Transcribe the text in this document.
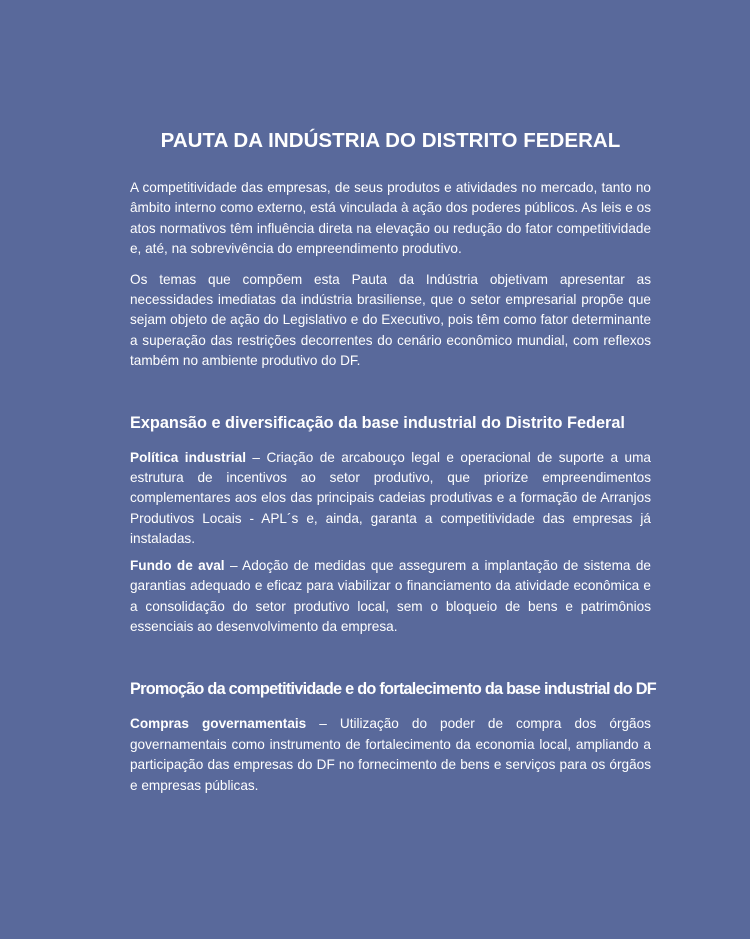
PAUTA DA INDÚSTRIA DO DISTRITO FEDERAL

A competitividade das empresas, de seus produtos e atividades no mercado, tanto no âmbito interno como externo, está vinculada à ação dos poderes públicos. As leis e os atos normativos têm influência direta na elevação ou redução do fator competitividade e, até, na sobrevivência do empreendimento produtivo.

Os temas que compõem esta Pauta da Indústria objetivam apresentar as necessidades imediatas da indústria brasiliense, que o setor empresarial propõe que sejam objeto de ação do Legislativo e do Executivo, pois têm como fator determinante a superação das restrições decorrentes do cenário econômico mundial, com reflexos também no ambiente produtivo do DF.

Expansão e diversificação da base industrial do Distrito Federal

Política industrial – Criação de arcabouço legal e operacional de suporte a uma estrutura de incentivos ao setor produtivo, que priorize empreendimentos complementares aos elos das principais cadeias produtivas e a formação de Arranjos Produtivos Locais - APL´s e, ainda, garanta a competitividade das empresas já instaladas.

Fundo de aval – Adoção de medidas que assegurem a implantação de sistema de garantias adequado e eficaz para viabilizar o financiamento da atividade econômica e a consolidação do setor produtivo local, sem o bloqueio de bens e patrimônios essenciais ao desenvolvimento da empresa.

Promoção da competitividade e do fortalecimento da base industrial do DF

Compras governamentais – Utilização do poder de compra dos órgãos governamentais como instrumento de fortalecimento da economia local, ampliando a participação das empresas do DF no fornecimento de bens e serviços para os órgãos e empresas públicas.
